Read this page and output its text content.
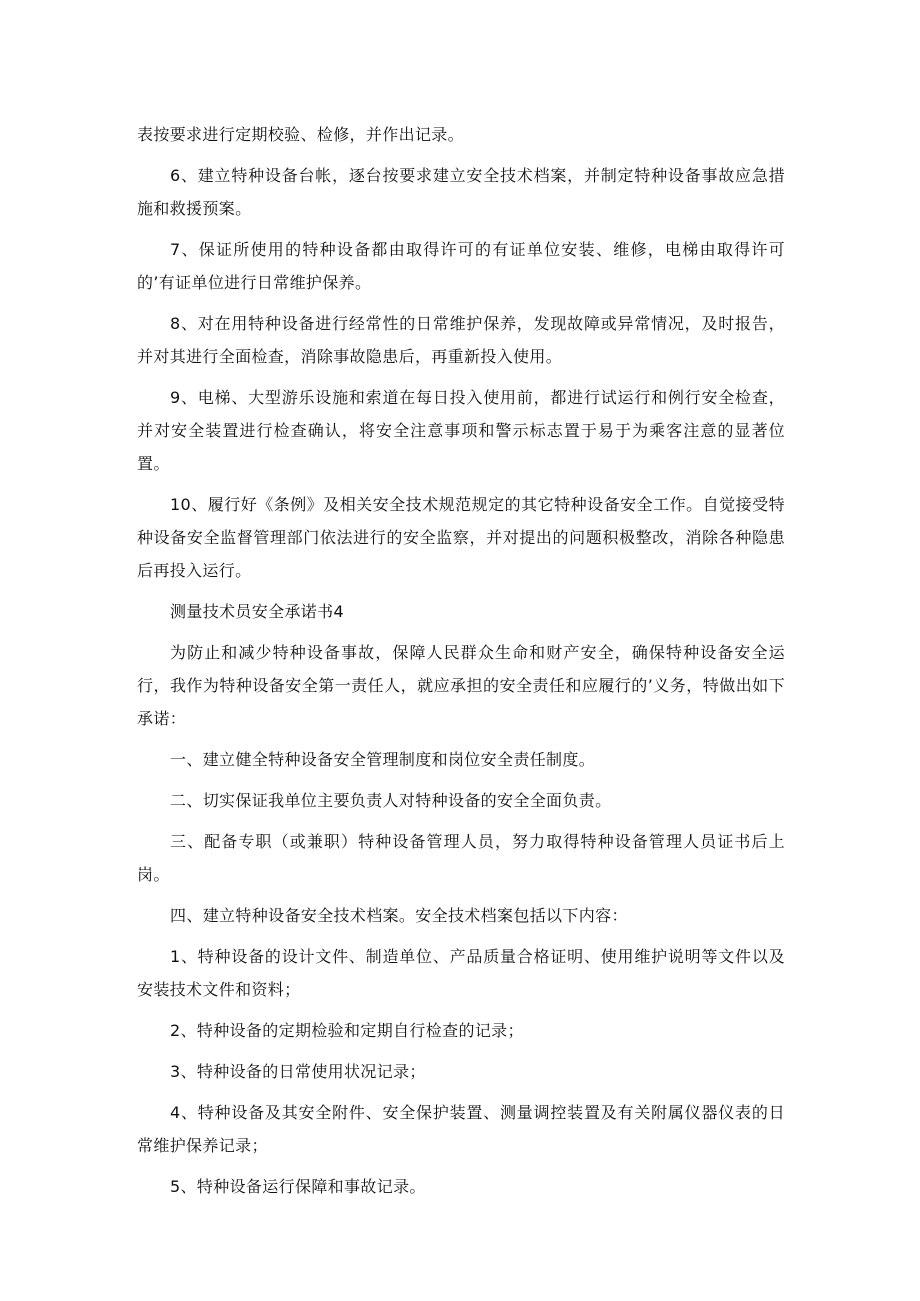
表按要求进行定期校验、检修，并作出记录。

6、建立特种设备台帐，逐台按要求建立安全技术档案，并制定特种设备事故应急措施和救援预案。

7、保证所使用的特种设备都由取得许可的有证单位安装、维修，电梯由取得许可的’有证单位进行日常维护保养。

8、对在用特种设备进行经常性的日常维护保养，发现故障或异常情况，及时报告，并对其进行全面检查，消除事故隐患后，再重新投入使用。

9、电梯、大型游乐设施和索道在每日投入使用前，都进行试运行和例行安全检查，并对安全装置进行检查确认，将安全注意事项和警示标志置于易于为乘客注意的显著位置。

10、履行好《条例》及相关安全技术规范规定的其它特种设备安全工作。自觉接受特种设备安全监督管理部门依法进行的安全监察，并对提出的问题积极整改，消除各种隐患后再投入运行。

测量技术员安全承诺书4

为防止和减少特种设备事故，保障人民群众生命和财产安全，确保特种设备安全运行，我作为特种设备安全第一责任人，就应承担的安全责任和应履行的’义务，特做出如下承诺：

一、建立健全特种设备安全管理制度和岗位安全责任制度。

二、切实保证我单位主要负责人对特种设备的安全全面负责。

三、配备专职（或兼职）特种设备管理人员，努力取得特种设备管理人员证书后上岗。

四、建立特种设备安全技术档案。安全技术档案包括以下内容：

1、特种设备的设计文件、制造单位、产品质量合格证明、使用维护说明等文件以及安装技术文件和资料；

2、特种设备的定期检验和定期自行检查的记录；

3、特种设备的日常使用状况记录；

4、特种设备及其安全附件、安全保护装置、测量调控装置及有关附属仪器仪表的日常维护保养记录；

5、特种设备运行保障和事故记录。
